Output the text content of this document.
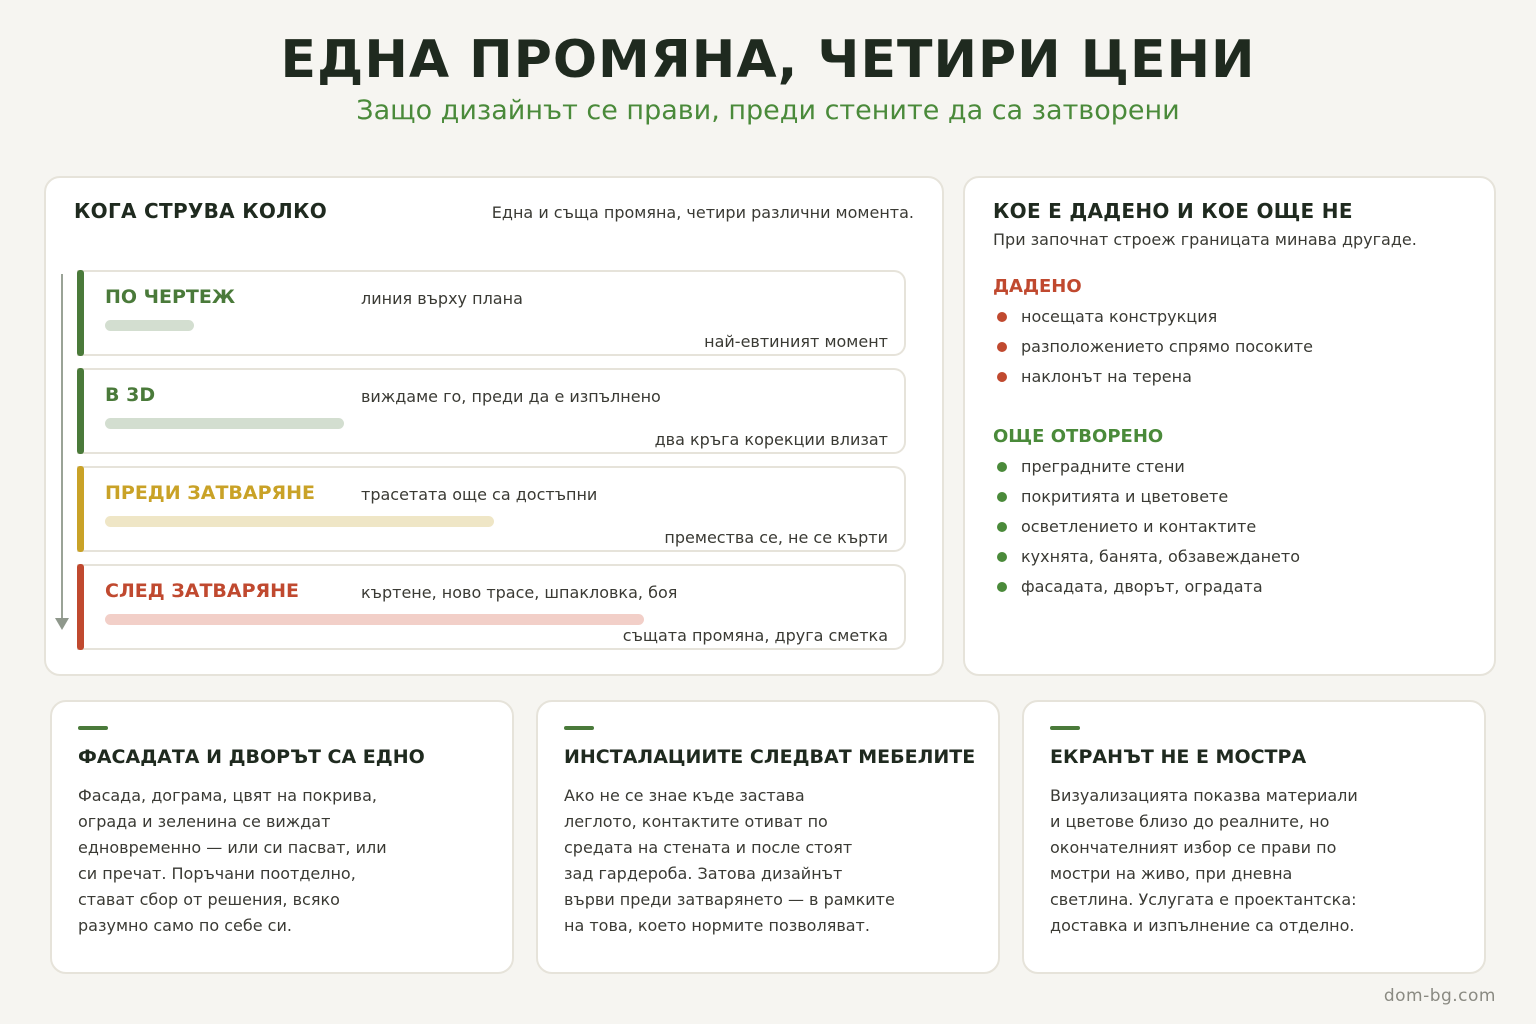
ЕДНА ПРОМЯНА, ЧЕТИРИ ЦЕНИ
Защо дизайнът се прави, преди стените да са затворени
КОГА СТРУВА КОЛКО	Една и съща промяна, четири различни момента.
ПО ЧЕРТЕЖ	линия върху плана
най-евтиният момент
В 3D	виждаме го, преди да е изпълнено
два кръга корекции влизат
ПРЕДИ ЗАТВАРЯНЕ	трасетата още са достъпни
премества се, не се кърти
СЛЕД ЗАТВАРЯНЕ	къртене, ново трасе, шпакловка, боя
същата промяна, друга сметка
КОЕ Е ДАДЕНО И КОЕ ОЩЕ НЕ
При започнат строеж границата минава другаде.
ДАДЕНО
носещата конструкция
разположението спрямо посоките
наклонът на терена
ОЩЕ ОТВОРЕНО
преградните стени
покритията и цветовете
осветлението и контактите
кухнята, банята, обзавеждането
фасадата, дворът, оградата
ФАСАДАТА И ДВОРЪТ СА ЕДНО
Фасада, дограма, цвят на покрива,
ограда и зеленина се виждат
едновременно — или си пасват, или
си пречат. Поръчани поотделно,
стават сбор от решения, всяко
разумно само по себе си.
ИНСТАЛАЦИИТЕ СЛЕДВАТ МЕБЕЛИТЕ
Ако не се знае къде застава
леглото, контактите отиват по
средата на стената и после стоят
зад гардероба. Затова дизайнът
върви преди затварянето — в рамките
на това, което нормите позволяват.
ЕКРАНЪТ НЕ Е МОСТРА
Визуализацията показва материали
и цветове близо до реалните, но
окончателният избор се прави по
мостри на живо, при дневна
светлина. Услугата е проектантска:
доставка и изпълнение са отделно.
dom-bg.com
